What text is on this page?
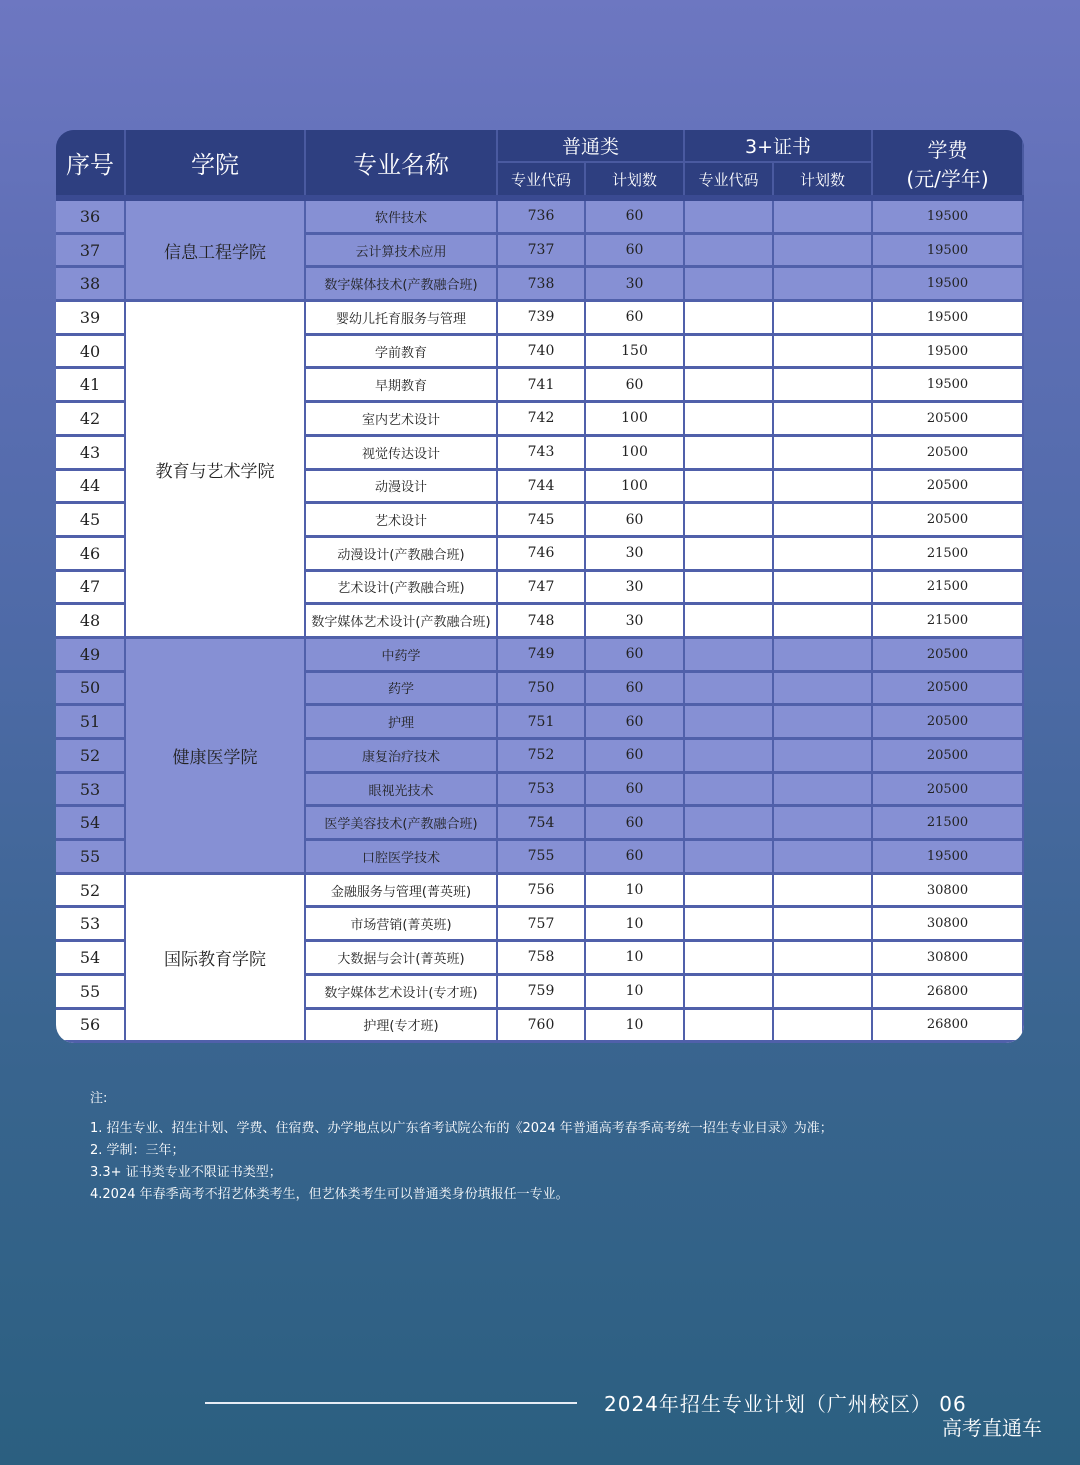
序号	学院	专业名称	普通类		3+证书		学费
(元/学年)

			专业代码	计划数	专业代码	计划数	

36	信息工程学院	软件技术	736	60			19500
37		云计算技术应用	737	60			19500
38		数字媒体技术(产教融合班)	738	30			19500
39	教育与艺术学院	婴幼儿托育服务与管理	739	60			19500
40		学前教育	740	150			19500
41		早期教育	741	60			19500
42		室内艺术设计	742	100			20500
43		视觉传达设计	743	100			20500
44		动漫设计	744	100			20500
45		艺术设计	745	60			20500
46		动漫设计(产教融合班)	746	30			21500
47		艺术设计(产教融合班)	747	30			21500
48		数字媒体艺术设计(产教融合班)	748	30			21500
49	健康医学院	中药学	749	60			20500
50		药学	750	60			20500
51		护理	751	60			20500
52		康复治疗技术	752	60			20500
53		眼视光技术	753	60			20500
54		医学美容技术(产教融合班)	754	60			21500
55		口腔医学技术	755	60			19500
52	国际教育学院	金融服务与管理(菁英班)	756	10			30800
53		市场营销(菁英班)	757	10			30800
54		大数据与会计(菁英班)	758	10			30800
55		数字媒体艺术设计(专才班)	759	10			26800
56		护理(专才班)	760	10			26800
注:
1. 招生专业、招生计划、学费、住宿费、办学地点以广东省考试院公布的《2024 年普通高考春季高考统一招生专业目录》为准；
2. 学制：三年；
3.3+ 证书类专业不限证书类型；
4.2024 年春季高考不招艺体类考生，但艺体类考生可以普通类身份填报任一专业。
2024年招生专业计划（广州校区） 06
高考直通车
